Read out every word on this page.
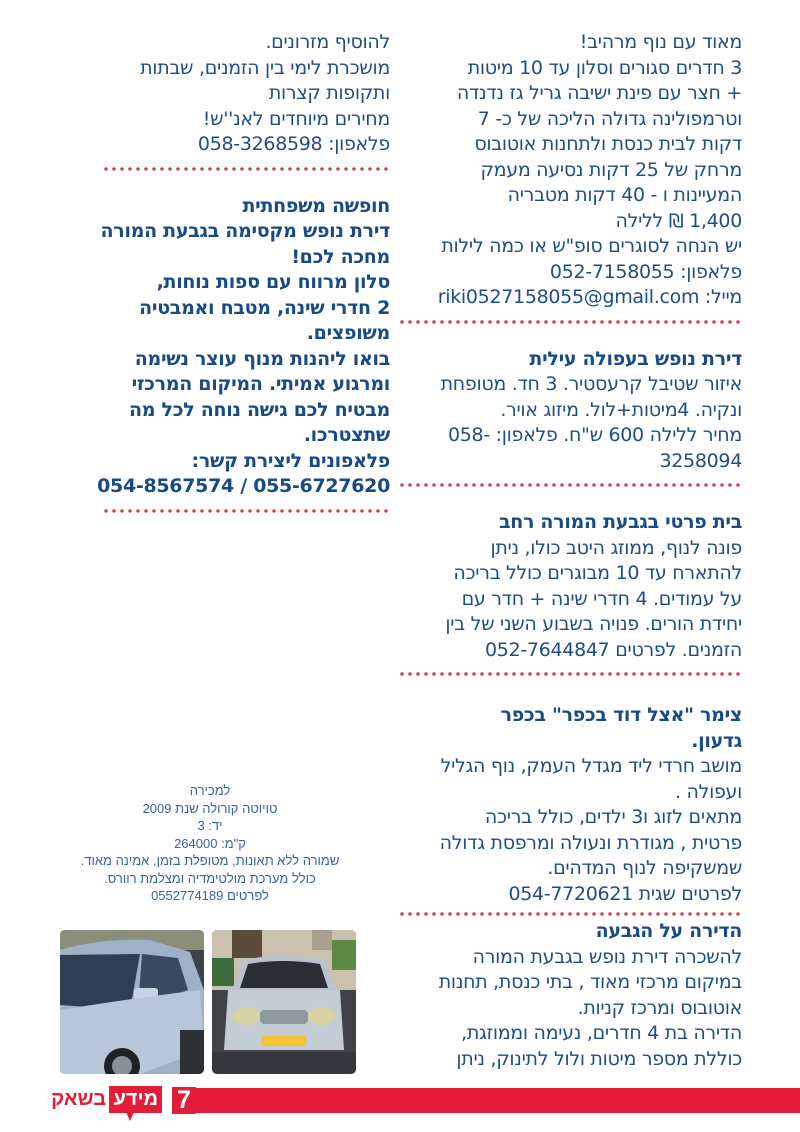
מאוד עם נוף מרהיב!
3 חדרים סגורים וסלון עד 10 מיטות
+ חצר עם פינת ישיבה גריל גז נדנדה
וטרמפולינה גדולה הליכה של כ- 7
דקות לבית כנסת ולתחנות אוטובוס
מרחק של 25 דקות נסיעה מעמק
המעיינות ו - 40 דקות מטבריה
1,400 ₪ ללילה
יש הנחה לסוגרים סופ"ש או כמה לילות
פלאפון: 052-7158055
מייל: riki0527158055@gmail.com
דירת נופש בעפולה עילית
איזור שטיבל קרעסטיר. 3 חד. מטופחת
ונקיה. 4מיטות+לול. מיזוג אויר.
מחיר ללילה 600 ש"ח. פלאפון: -058
3258094
בית פרטי בגבעת המורה רחב
פונה לנוף, ממוזג היטב כולו, ניתן
להתארח עד 10 מבוגרים כולל בריכה
על עמודים. 4 חדרי שינה + חדר עם
יחידת הורים. פנויה בשבוע השני של בין
הזמנים. לפרטים 052-7644847
צימר "אצל דוד בכפר" בכפר
גדעון.
מושב חרדי ליד מגדל העמק, נוף הגליל
ועפולה .
מתאים לזוג ו3 ילדים, כולל בריכה
פרטית , מגודרת ונעולה ומרפסת גדולה
שמשקיפה לנוף המדהים.
לפרטים שגית 054-7720621
הדירה על הגבעה
להשכרה דירת נופש בגבעת המורה
במיקום מרכזי מאוד , בתי כנסת, תחנות
אוטובוס ומרכז קניות.
הדירה בת 4 חדרים, נעימה וממוזגת,
כוללת מספר מיטות ולול לתינוק, ניתן
להוסיף מזרונים.
מושכרת לימי בין הזמנים, שבתות
ותקופות קצרות
מחירים מיוחדים לאנ''ש!
פלאפון: 058-3268598
חופשה משפחתית
דירת נופש מקסימה בגבעת המורה
מחכה לכם!
סלון מרווח עם ספות נוחות,
2 חדרי שינה, מטבח ואמבטיה
משופצים.
בואו ליהנות מנוף עוצר נשימה
ומרגוע אמיתי. המיקום המרכזי
מבטיח לכם גישה נוחה לכל מה
שתצטרכו.
פלאפונים ליצירת קשר:
055-6727620 / 054-8567574
למכירה
טויוטה קורולה שנת 2009
יד: 3
ק"מ: 264000
שמורה ללא תאונות, מטופלת בזמן, אמינה מאוד.
כולל מערכת מולטימדיה ומצלמת רוורס.
לפרטים 0552774189
7
מידע
בשאק
